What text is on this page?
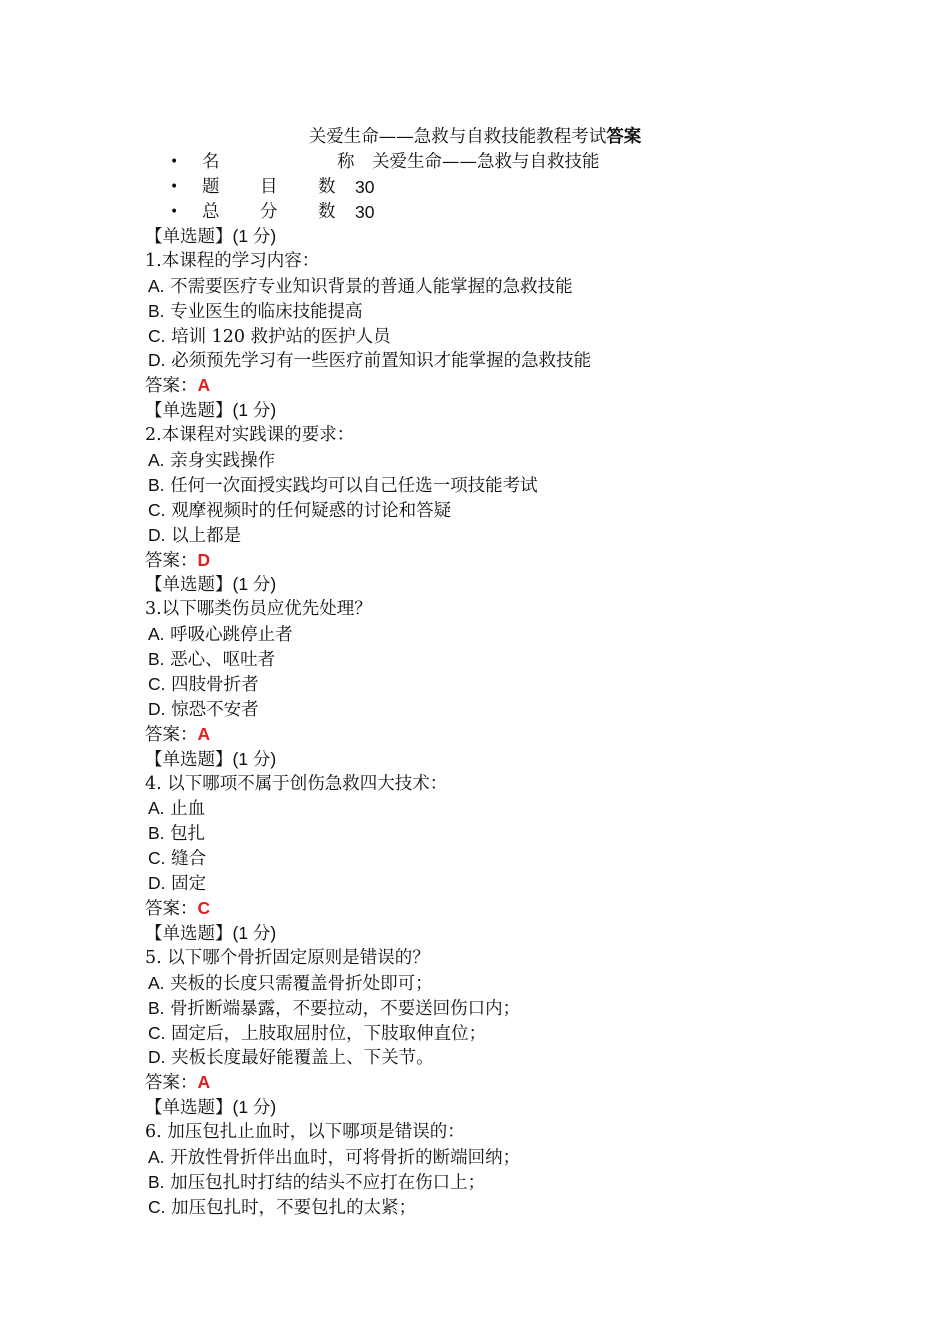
关爱生命——急救与自救技能教程考试答案
• 名	称 关爱生命——急救与自救技能
• 题 目 数 30
• 总 分 数 30
【单选题】(1 分)
1.本课程的学习内容：
A. 不需要医疗专业知识背景的普通人能掌握的急救技能
B. 专业医生的临床技能提高
C. 培训 120 救护站的医护人员
D. 必须预先学习有一些医疗前置知识才能掌握的急救技能
答案：A
【单选题】(1 分)
2.本课程对实践课的要求：
A. 亲身实践操作
B. 任何一次面授实践均可以自己任选一项技能考试
C. 观摩视频时的任何疑惑的讨论和答疑
D. 以上都是
答案：D
【单选题】(1 分)
3.以下哪类伤员应优先处理？
A. 呼吸心跳停止者
B. 恶心、呕吐者
C. 四肢骨折者
D. 惊恐不安者
答案：A
【单选题】(1 分)
4. 以下哪项不属于创伤急救四大技术：
A. 止血
B. 包扎
C. 缝合
D. 固定
答案：C
【单选题】(1 分)
5. 以下哪个骨折固定原则是错误的？
A. 夹板的长度只需覆盖骨折处即可；
B. 骨折断端暴露，不要拉动，不要送回伤口内；
C. 固定后，上肢取屈肘位，下肢取伸直位；
D. 夹板长度最好能覆盖上、下关节。
答案：A
【单选题】(1 分)
6. 加压包扎止血时，以下哪项是错误的：
A. 开放性骨折伴出血时，可将骨折的断端回纳；
B. 加压包扎时打结的结头不应打在伤口上；
C. 加压包扎时，不要包扎的太紧；
